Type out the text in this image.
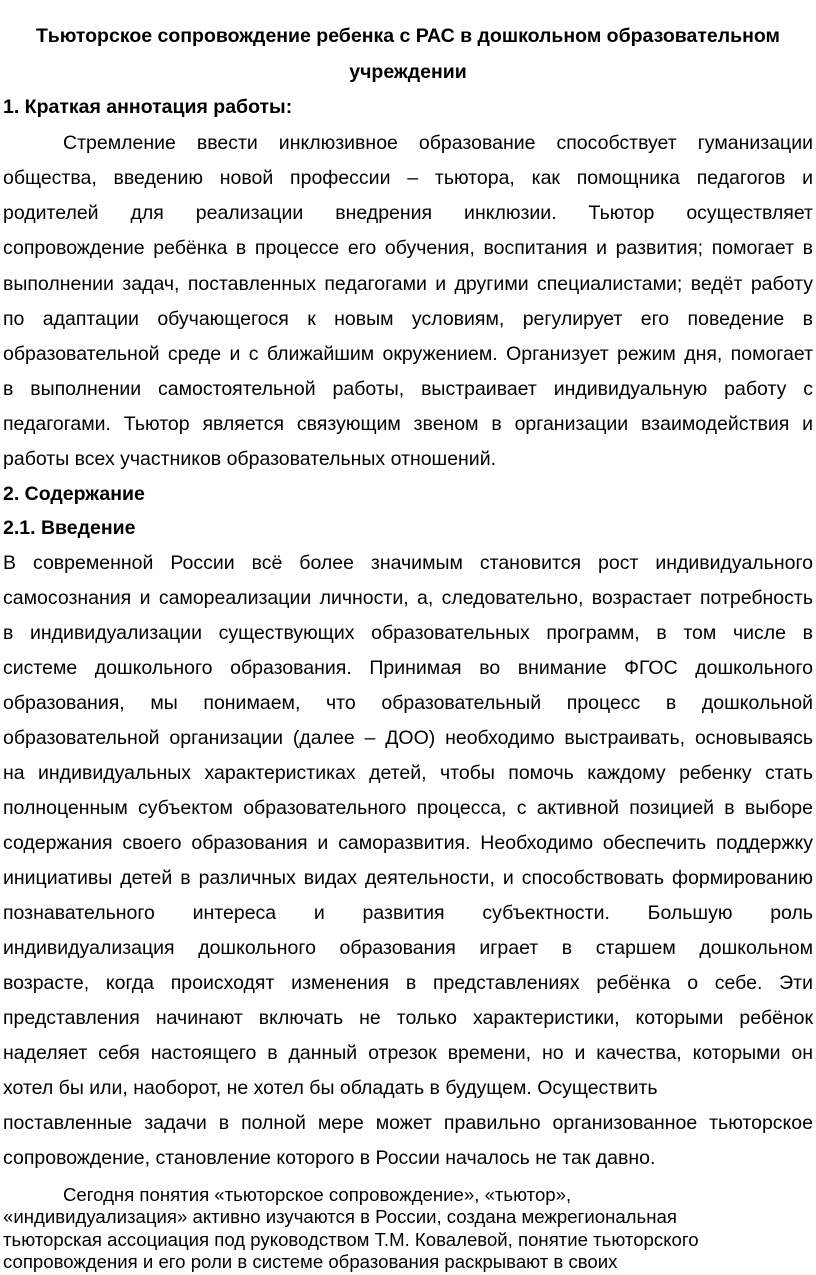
Тьюторское сопровождение ребенка с РАС в дошкольном образовательном
учреждении
1. Краткая аннотация работы:
Стремление ввести инклюзивное образование способствует гуманизации
общества, введению новой профессии – тьютора, как помощника педагогов и
родителей для реализации внедрения инклюзии. Тьютор осуществляет
сопровождение ребёнка в процессе его обучения, воспитания и развития; помогает в
выполнении задач, поставленных педагогами и другими специалистами; ведёт работу
по адаптации обучающегося к новым условиям, регулирует его поведение в
образовательной среде и с ближайшим окружением. Организует режим дня, помогает
в выполнении самостоятельной работы, выстраивает индивидуальную работу с
педагогами. Тьютор является связующим звеном в организации взаимодействия и
работы всех участников образовательных отношений.
2. Содержание
2.1. Введение
В современной России всё более значимым становится рост индивидуального
самосознания и самореализации личности, а, следовательно, возрастает потребность
в индивидуализации существующих образовательных программ, в том числе в
системе дошкольного образования. Принимая во внимание ФГОС дошкольного
образования, мы понимаем, что образовательный процесс в дошкольной
образовательной организации (далее – ДОО) необходимо выстраивать, основываясь
на индивидуальных характеристиках детей, чтобы помочь каждому ребенку стать
полноценным субъектом образовательного процесса, с активной позицией в выборе
содержания своего образования и саморазвития. Необходимо обеспечить поддержку
инициативы детей в различных видах деятельности, и способствовать формированию
познавательного интереса и развития субъектности. Большую роль
индивидуализация дошкольного образования играет в старшем дошкольном
возрасте, когда происходят изменения в представлениях ребёнка о себе. Эти
представления начинают включать не только характеристики, которыми ребёнок
наделяет себя настоящего в данный отрезок времени, но и качества, которыми он
хотел бы или, наоборот, не хотел бы обладать в будущем. Осуществить
поставленные задачи в полной мере может правильно организованное тьюторское
сопровождение, становление которого в России началось не так давно.
Сегодня понятия «тьюторское сопровождение», «тьютор»,
«индивидуализация» активно изучаются в России, создана межрегиональная
тьюторская ассоциация под руководством Т.М. Ковалевой, понятие тьюторского
сопровождения и его роли в системе образования раскрывают в своих
